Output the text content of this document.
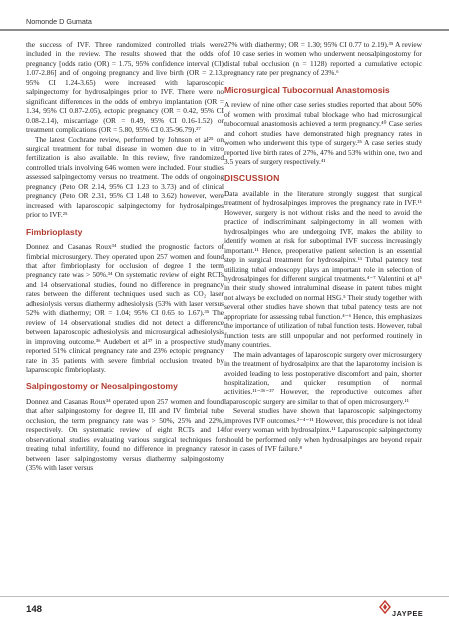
Nomonde D Gumata

the success of IVF. Three randomized controlled trials were included in the review. The results showed that the odds of pregnancy [odds ratio (OR) = 1.75, 95% confidence interval (CI) 1.07-2.86] and of ongoing pregnancy and live birth (OR = 2.13, 95% CI 1.24-3.65) were increased with laparoscopic salpingectomy for hydrosalpinges prior to IVF. There were no significant differences in the odds of embryo implantation (OR = 1.34, 95% CI 0.87-2.05), ectopic pregnancy (OR = 0.42, 95% CI 0.08-2.14), miscarriage (OR = 0.49, 95% CI 0.16-1.52) or treatment complications (OR = 5.80, 95% CI 0.35-96.79).²⁷

The latest Cochrane review, performed by Johnson et al²⁵ on surgical treatment for tubal disease in women due to in vitro fertilization is also available. In this review, five randomized controlled trials involving 646 women were included. Four studies assessed salpingectomy versus no treatment. The odds of ongoing pregnancy (Peto OR 2.14, 95% CI 1.23 to 3.73) and of clinical pregnancy (Peto OR 2.31, 95% CI 1.48 to 3.62) however, were increased with laparoscopic salpingectomy for hydrosalpinges prior to IVF.²⁵

Fimbrioplasty

Donnez and Casanas Roux³⁴ studied the prognostic factors of fimbrial microsurgery. They operated upon 257 women and found that after fimbrioplasty for occlusion of degree I the term pregnancy rate was > 50%.³⁴ On systematic review of eight RCTs and 14 observational studies, found no difference in pregnancy rates between the different techniques used such as CO₂ laser adhesiolysis versus diathermy adhesiolysis (53% with laser versus 52% with diathermy; OR = 1.04; 95% CI 0.65 to 1.67).³⁵ The review of 14 observational studies did not detect a difference between laparoscopic adhesiolysis and microsurgical adhesiolysis in improving outcome.³⁶ Audebert et al³⁷ in a prospective study reported 51% clinical pregnancy rate and 23% ectopic pregnancy rate in 35 patients with severe fimbrial occlusion treated by laparoscopic fimbrioplasty.

Salpingostomy or Neosalpingostomy

Donnez and Casanas Roux³⁴ operated upon 257 women and found that after salpingostomy for degree II, III and IV fimbrial tube occlusion, the term pregnancy rate was > 50%, 25% and 22%, respectively. On systematic review of eight RCTs and 14 observational studies evaluating various surgical techniques for treating tubal infertility, found no difference in pregnancy rates between laser salpingostomy versus diathermy salpingostomy (35% with laser versus

27% with diathermy; OR = 1.30; 95% CI 0.77 to 2.19).³⁵ A review of 10 case series in women who underwent neosalpingostomy for distal tubal occlusion (n = 1128) reported a cumulative ectopic pregnancy rate per pregnancy of 23%.⁶

Microsurgical Tubocornual Anastomosis

A review of nine other case series studies reported that about 50% of women with proximal tubal blockage who had microsurgical tubocornual anastomosis achieved a term pregnancy.⁴⁰ Case series and cohort studies have demonstrated high pregnancy rates in women who underwent this type of surgery.³⁵ A case series study reported live birth rates of 27%, 47% and 53% within one, two and 3.5 years of surgery respectively.⁴¹

DISCUSSION

Data available in the literature strongly suggest that surgical treatment of hydrosalpinges improves the pregnancy rate in IVF.¹¹ However, surgery is not without risks and the need to avoid the practice of indiscriminant salpingectomy in all women with hydrosalpinges who are undergoing IVF, makes the ability to identify women at risk for suboptimal IVF success increasingly important.¹¹ Hence, preoperative patient selection is an essential step in surgical treatment for hydrosalpinx.¹¹ Tubal patency test utilizing tubal endoscopy plays an important role in selection of hydrosalpinges for different surgical treatments.⁴⁻⁷ Valentini et al⁵ in their study showed intraluminal disease in patent tubes might not always be excluded on normal HSG.⁵ Their study together with several other studies have shown that tubal patency tests are not appropriate for assessing tubal function.⁴⁻⁶ Hence, this emphasizes the importance of utilization of tubal function tests. However, tubal function tests are still unpopular and not performed routinely in many countries.

The main advantages of laparoscopic surgery over microsurgery in the treatment of hydrosalpinx are that the laparotomy incision is avoided leading to less postoperative discomfort and pain, shorter hospitalization, and quicker resumption of normal activities.¹¹⁻³⁶⁻³⁷ However, the reproductive outcomes after laparoscopic surgery are similar to that of open microsurgery.¹¹

Several studies have shown that laparoscopic salpingectomy improves IVF outcomes.²⁻⁴⁻¹¹ However, this procedure is not ideal for every woman with hydrosalpinx.¹¹ Laparoscopic salpingectomy should be performed only when hydrosalpinges are beyond repair or in cases of IVF failure.⁸

148	JAYPEE
